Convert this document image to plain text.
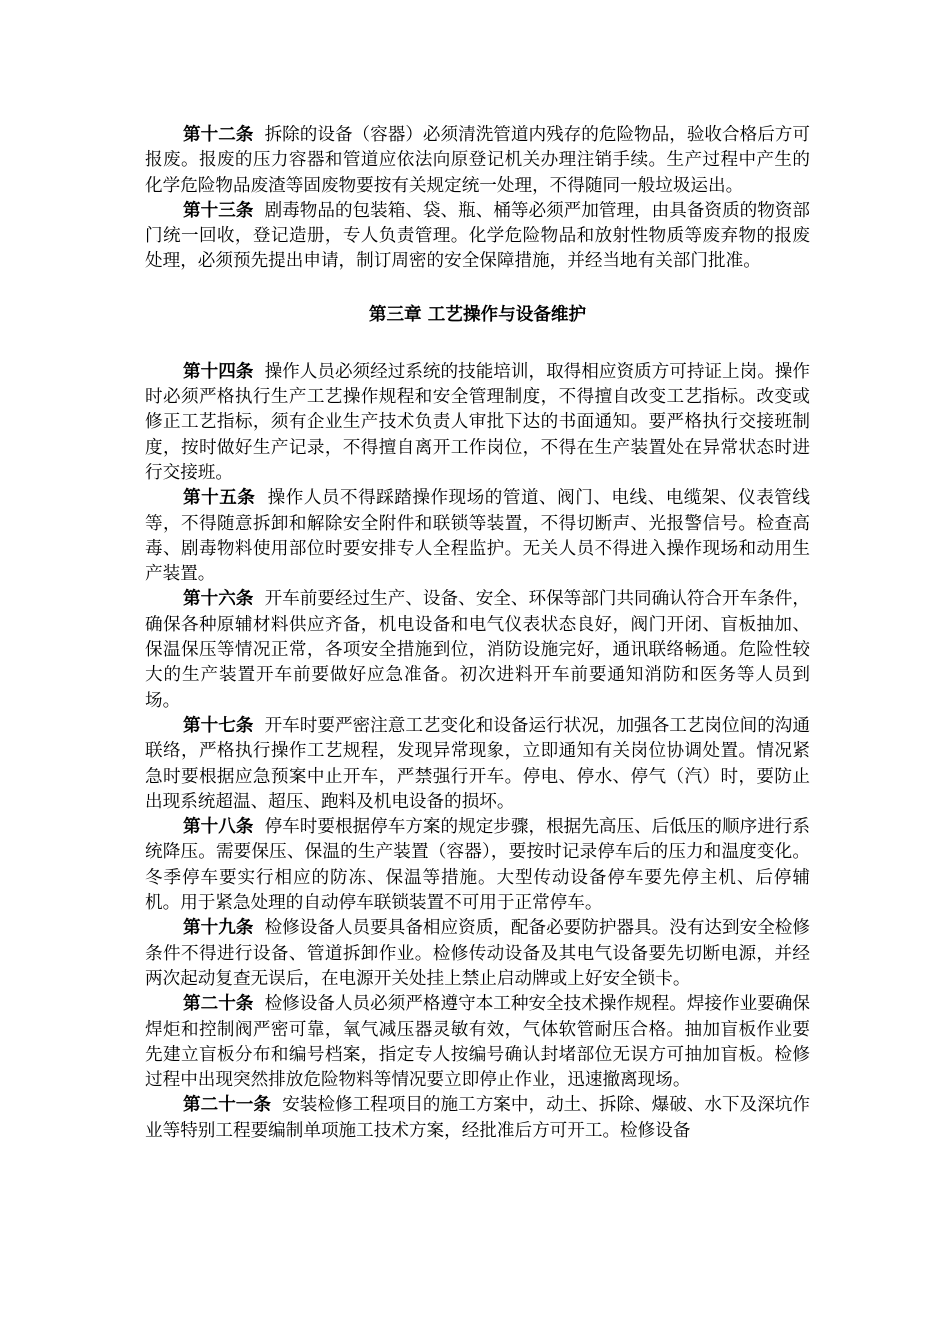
第十二条 拆除的设备（容器）必须清洗管道内残存的危险物品，验收合格后方可报废。报废的压力容器和管道应依法向原登记机关办理注销手续。生产过程中产生的化学危险物品废渣等固废物要按有关规定统一处理，不得随同一般垃圾运出。

第十三条 剧毒物品的包装箱、袋、瓶、桶等必须严加管理，由具备资质的物资部门统一回收，登记造册，专人负责管理。化学危险物品和放射性物质等废弃物的报废处理，必须预先提出申请，制订周密的安全保障措施，并经当地有关部门批准。

第三章 工艺操作与设备维护

第十四条 操作人员必须经过系统的技能培训，取得相应资质方可持证上岗。操作时必须严格执行生产工艺操作规程和安全管理制度，不得擅自改变工艺指标。改变或修正工艺指标，须有企业生产技术负责人审批下达的书面通知。要严格执行交接班制度，按时做好生产记录，不得擅自离开工作岗位，不得在生产装置处在异常状态时进行交接班。

第十五条 操作人员不得踩踏操作现场的管道、阀门、电线、电缆架、仪表管线等，不得随意拆卸和解除安全附件和联锁等装置，不得切断声、光报警信号。检查高毒、剧毒物料使用部位时要安排专人全程监护。无关人员不得进入操作现场和动用生产装置。

第十六条 开车前要经过生产、设备、安全、环保等部门共同确认符合开车条件，确保各种原辅材料供应齐备，机电设备和电气仪表状态良好，阀门开闭、盲板抽加、保温保压等情况正常，各项安全措施到位，消防设施完好，通讯联络畅通。危险性较大的生产装置开车前要做好应急准备。初次进料开车前要通知消防和医务等人员到场。

第十七条 开车时要严密注意工艺变化和设备运行状况，加强各工艺岗位间的沟通联络，严格执行操作工艺规程，发现异常现象，立即通知有关岗位协调处置。情况紧急时要根据应急预案中止开车，严禁强行开车。停电、停水、停气（汽）时，要防止出现系统超温、超压、跑料及机电设备的损坏。

第十八条 停车时要根据停车方案的规定步骤，根据先高压、后低压的顺序进行系统降压。需要保压、保温的生产装置（容器），要按时记录停车后的压力和温度变化。冬季停车要实行相应的防冻、保温等措施。大型传动设备停车要先停主机、后停辅机。用于紧急处理的自动停车联锁装置不可用于正常停车。

第十九条 检修设备人员要具备相应资质，配备必要防护器具。没有达到安全检修条件不得进行设备、管道拆卸作业。检修传动设备及其电气设备要先切断电源，并经两次起动复查无误后，在电源开关处挂上禁止启动牌或上好安全锁卡。

第二十条 检修设备人员必须严格遵守本工种安全技术操作规程。焊接作业要确保焊炬和控制阀严密可靠，氧气减压器灵敏有效，气体软管耐压合格。抽加盲板作业要先建立盲板分布和编号档案，指定专人按编号确认封堵部位无误方可抽加盲板。检修过程中出现突然排放危险物料等情况要立即停止作业，迅速撤离现场。

第二十一条 安装检修工程项目的施工方案中，动土、拆除、爆破、水下及深坑作业等特别工程要编制单项施工技术方案，经批准后方可开工。检修设备
